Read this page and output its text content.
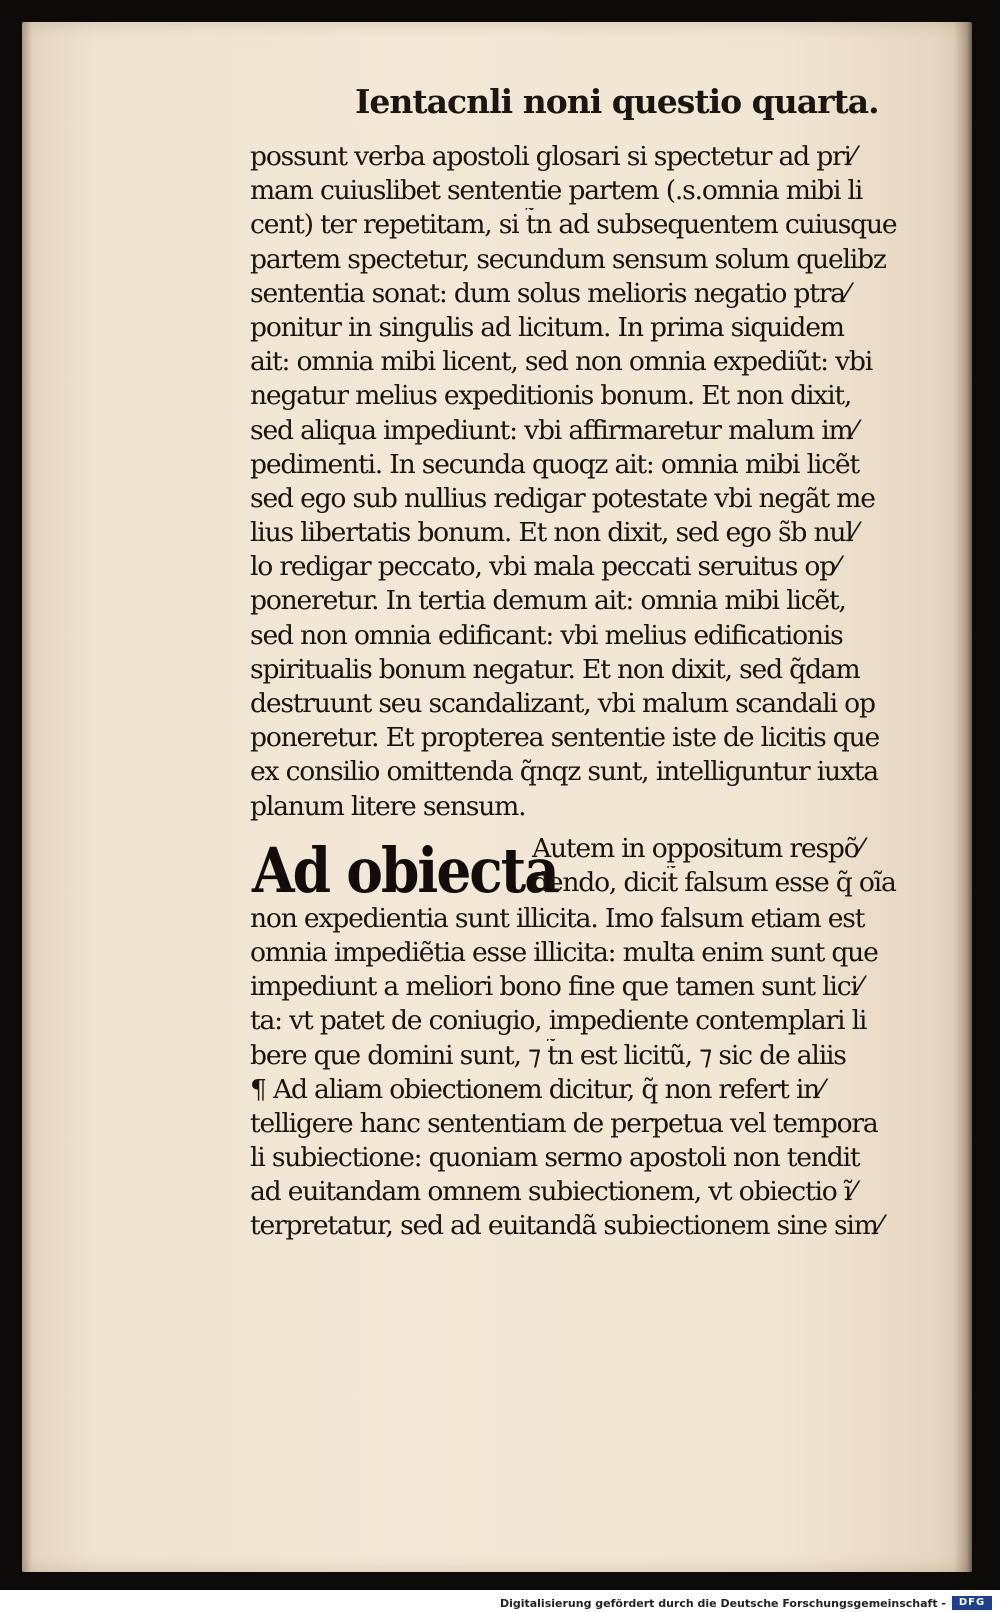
Ientacnli noni questio quarta.
possunt verba apostoli glosari si spectetur ad pri⁄
mam cuiuslibet sententie partem (.s.omnia mibi li
cent) ter repetitam, si t̃n ad subsequentem cuiusque
partem spectetur, secundum sensum solum quelibz
sententia sonat: dum solus melioris negatio ptra⁄
ponitur in singulis ad licitum. In prima siquidem
ait: omnia mibi licent, sed non omnia expediũt: vbi
negatur melius expeditionis bonum. Et non dixit,
sed aliqua impediunt: vbi affirmaretur malum im⁄
pedimenti. In secunda quoqz ait: omnia mibi licẽt
sed ego sub nullius redigar potestate vbi negãt me
lius libertatis bonum. Et non dixit, sed ego s̃b nul⁄
lo redigar peccato, vbi mala peccati seruitus op⁄
poneretur. In tertia demum ait: omnia mibi licẽt,
sed non omnia edificant: vbi melius edificationis
spiritualis bonum negatur. Et non dixit, sed q̃dam
destruunt seu scandalizant, vbi malum scandali op
poneretur. Et propterea sententie iste de licitis que
ex consilio omittenda q̃nqz sunt, intelliguntur iuxta
planum litere sensum.
Ad obiecta
Autem in oppositum respõ⁄
dendo, dicit̃ falsum esse q̃ oĩa
non expedientia sunt illicita. Imo falsum etiam est
omnia impediẽtia esse illicita: multa enim sunt que
impediunt a meliori bono fine que tamen sunt lici⁄
ta: vt patet de coniugio, impediente contemplari li
bere que domini sunt, ⁊ t̃n est licitũ, ⁊ sic de aliis
¶ Ad aliam obiectionem dicitur, q̃ non refert in⁄
telligere hanc sententiam de perpetua vel tempora
li subiectione: quoniam sermo apostoli non tendit
ad euitandam omnem subiectionem, vt obiectio ĩ⁄
terpretatur, sed ad euitandã subiectionem sine sim⁄
Digitalisierung gefördert durch die Deutsche Forschungsgemeinschaft -	DFG
